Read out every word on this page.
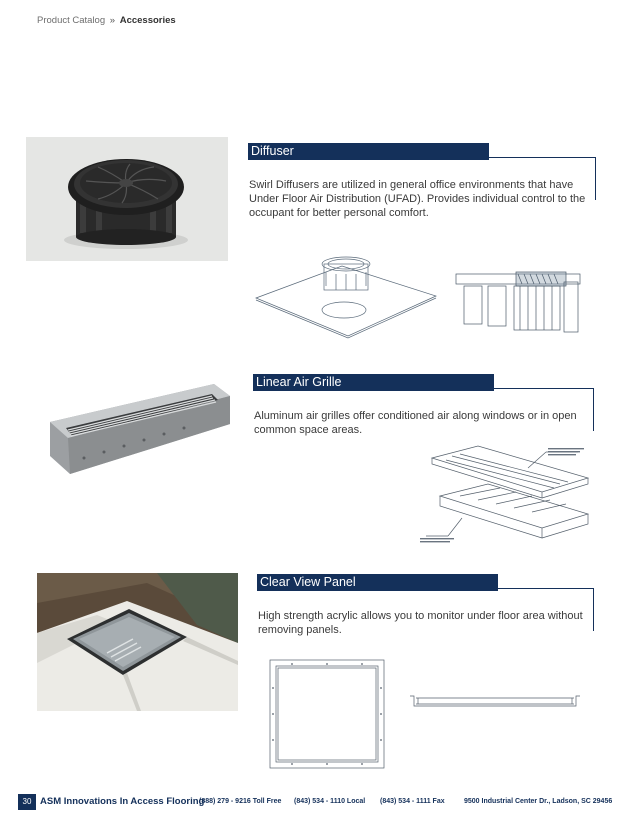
Product Catalog » Accessories
Diffuser
Swirl Diffusers are utilized in general office environments that have Under Floor Air Distribution (UFAD). Provides individual control to the occupant for better personal comfort.
Linear Air Grille
Aluminum air grilles offer conditioned air along windows or in open common space areas.
Clear View Panel
High strength acrylic allows you to monitor under floor area without removing panels.
30 ASM Innovations In Access Flooring
(888) 279 - 9216 Toll Free (843) 534 - 1110 Local (843) 534 - 1111 Fax	9500 Industrial Center Dr., Ladson, SC 29456
